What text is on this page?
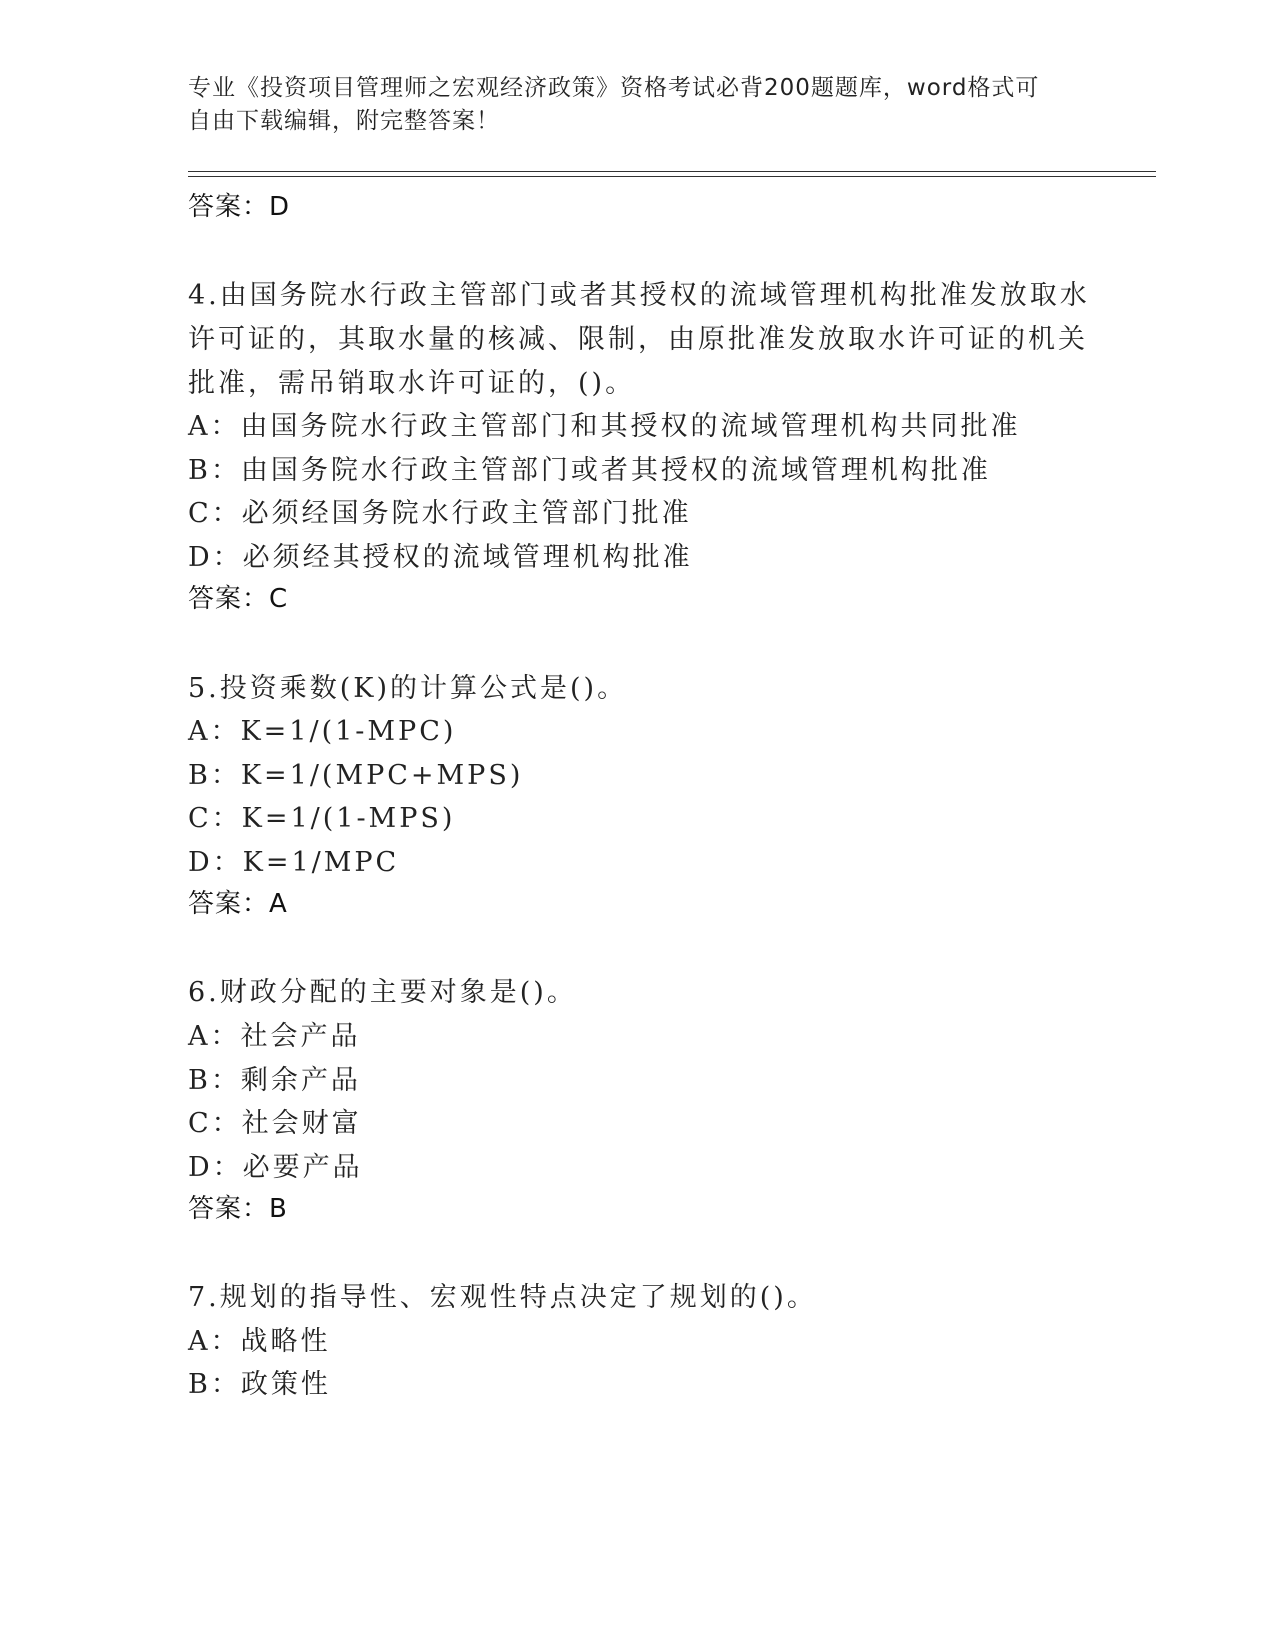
专业《投资项目管理师之宏观经济政策》资格考试必背200题题库，word格式可
自由下载编辑，附完整答案！
答案：D
4.由国务院水行政主管部门或者其授权的流域管理机构批准发放取水
许可证的，其取水量的核减、限制，由原批准发放取水许可证的机关
批准，需吊销取水许可证的，()。
A：由国务院水行政主管部门和其授权的流域管理机构共同批准
B：由国务院水行政主管部门或者其授权的流域管理机构批准
C：必须经国务院水行政主管部门批准
D：必须经其授权的流域管理机构批准
答案：C
5.投资乘数(K)的计算公式是()。
A：K=1/(1-MPC)
B：K=1/(MPC+MPS)
C：K=1/(1-MPS)
D：K=1/MPC
答案：A
6.财政分配的主要对象是()。
A：社会产品
B：剩余产品
C：社会财富
D：必要产品
答案：B
7.规划的指导性、宏观性特点决定了规划的()。
A：战略性
B：政策性
